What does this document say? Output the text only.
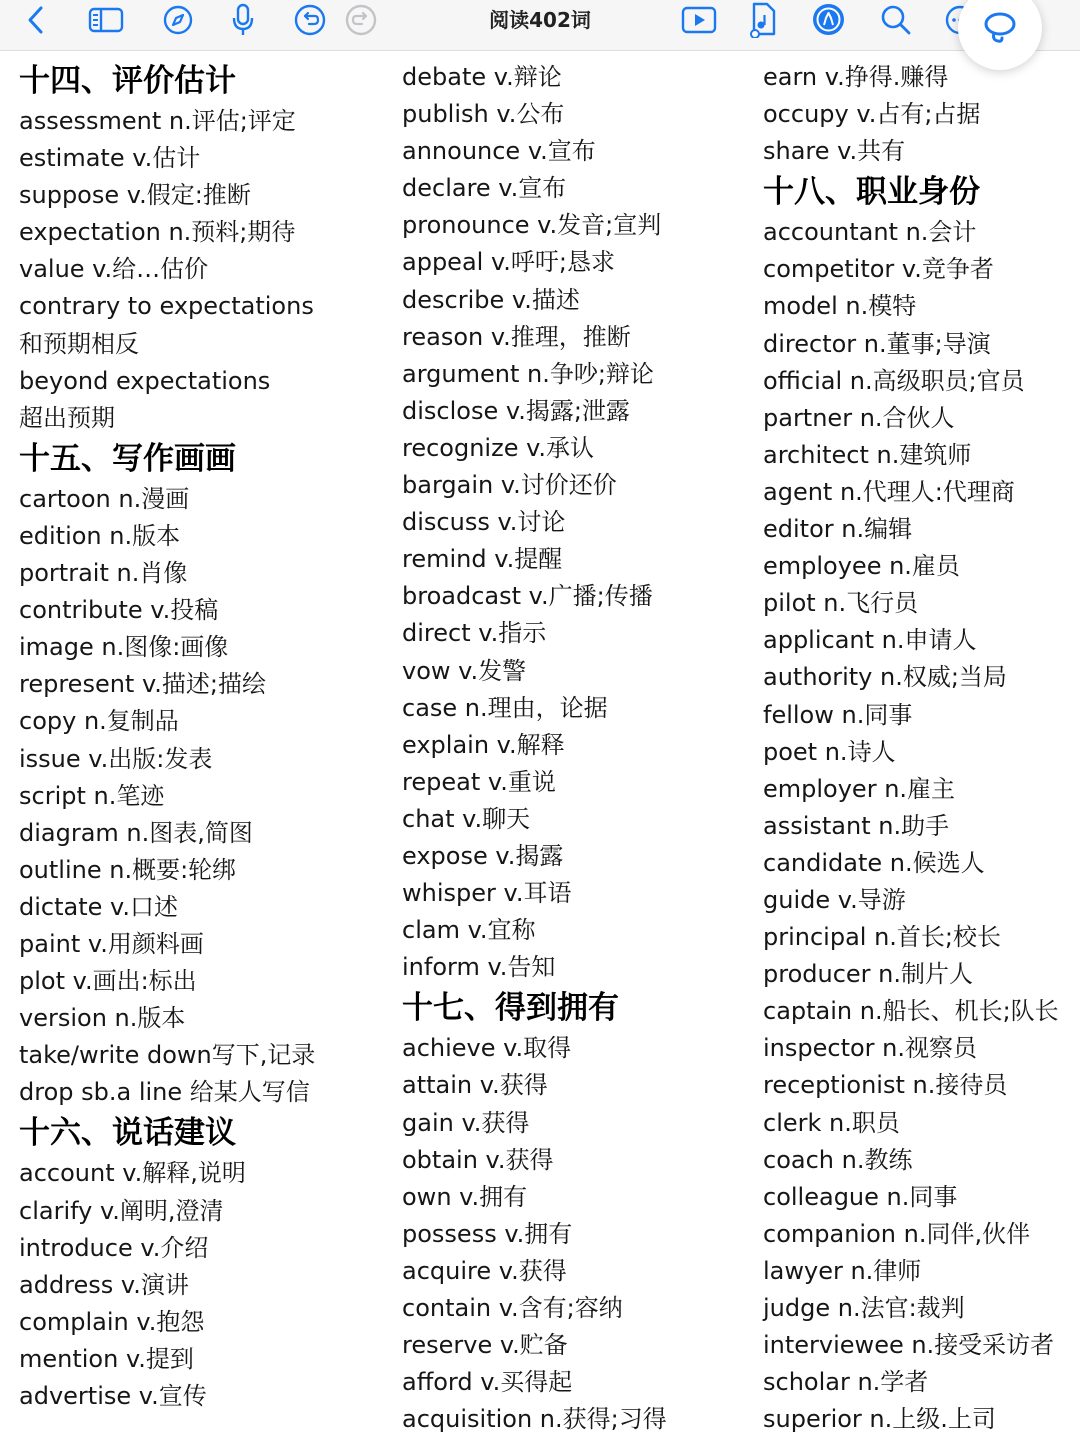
阅读402词
十四、评价估计
assessment n.评估;评定
estimate v.估计
suppose v.假定:推断
expectation n.预料;期待
value v.给…估价
contrary to expectations
和预期相反
beyond expectations
超出预期
十五、写作画画
cartoon n.漫画
edition n.版本
portrait n.肖像
contribute v.投稿
image n.图像:画像
represent v.描述;描绘
copy n.复制品
issue v.出版:发表
script n.笔迹
diagram n.图表,简图
outline n.概要:轮绑
dictate v.口述
paint v.用颜料画
plot v.画出:标出
version n.版本
take/write down写下,记录
drop sb.a line 给某人写信
十六、说话建议
account v.解释,说明
clarify v.阐明,澄清
introduce v.介绍
address v.演讲
complain v.抱怨
mention v.提到
advertise v.宣传
debate v.辩论
publish v.公布
announce v.宣布
declare v.宣布
pronounce v.发音;宣判
appeal v.呼吁;恳求
describe v.描述
reason v.推理，推断
argument n.争吵;辩论
disclose v.揭露;泄露
recognize v.承认
bargain v.讨价还价
discuss v.讨论
remind v.提醒
broadcast v.广播;传播
direct v.指示
vow v.发警
case n.理由，论据
explain v.解释
repeat v.重说
chat v.聊天
expose v.揭露
whisper v.耳语
clam v.宜称
inform v.告知
十七、得到拥有
achieve v.取得
attain v.获得
gain v.获得
obtain v.获得
own v.拥有
possess v.拥有
acquire v.获得
contain v.含有;容纳
reserve v.贮备
afford v.买得起
acquisition n.获得;习得
earn v.挣得.赚得
occupy v.占有;占据
share v.共有
十八、职业身份
accountant n.会计
competitor v.竞争者
model n.模特
director n.董事;导演
official n.高级职员;官员
partner n.合伙人
architect n.建筑师
agent n.代理人:代理商
editor n.编辑
employee n.雇员
pilot n.飞行员
applicant n.申请人
authority n.权威;当局
fellow n.同事
poet n.诗人
employer n.雇主
assistant n.助手
candidate n.候选人
guide v.导游
principal n.首长;校长
producer n.制片人
captain n.船长、机长;队长
inspector n.视察员
receptionist n.接待员
clerk n.职员
coach n.教练
colleague n.同事
companion n.同伴,伙伴
lawyer n.律师
judge n.法官:裁判
interviewee n.接受采访者
scholar n.学者
superior n.上级.上司
